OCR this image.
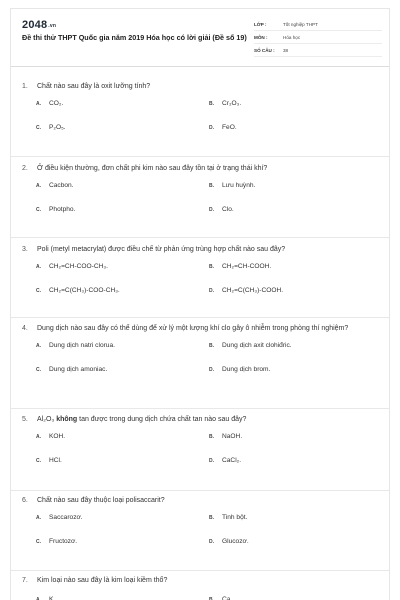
2048.vn
Đề thi thử THPT Quốc gia năm 2019 Hóa học có lời giải (Đề số 19)
LỚP :	Tốt nghiệp THPT
MÔN :	Hóa học
SỐ CÂU :	38
1.	Chất nào sau đây là oxit lưỡng tính?
A.	CO₂.	B.	Cr₂O₃.
C.	P₂O₅.	D.	FeO.
2.	Ở điều kiện thường, đơn chất phi kim nào sau đây tồn tại ở trạng thái khí?
A.	Cacbon.	B.	Lưu huỳnh.
C.	Photpho.	D.	Clo.
3.	Poli (metyl metacrylat) được điều chế từ phản ứng trùng hợp chất nào sau đây?
A.	CH₂=CH-COO-CH₃.	B.	CH₂=CH-COOH.
C.	CH₂=C(CH₃)-COO-CH₃.	D.	CH₂=C(CH₃)-COOH.
4.	Dung dịch nào sau đây có thể dùng để xử lý một lượng khí clo gây ô nhiễm trong phòng thí nghiệm?
A.	Dung dịch natri clorua.	B.	Dung dịch axit clohiđric.
C.	Dung dịch amoniac.	D.	Dung dịch brom.
5.	Al₂O₃ không tan được trong dung dịch chứa chất tan nào sau đây?
A.	KOH.	B.	NaOH.
C.	HCl.	D.	CaCl₂.
6.	Chất nào sau đây thuộc loại polisaccarit?
A.	Saccarozơ.	B.	Tinh bột.
C.	Fructozơ.	D.	Glucozơ.
7.	Kim loại nào sau đây là kim loại kiềm thổ?
A.	K.	B.	Ca.
